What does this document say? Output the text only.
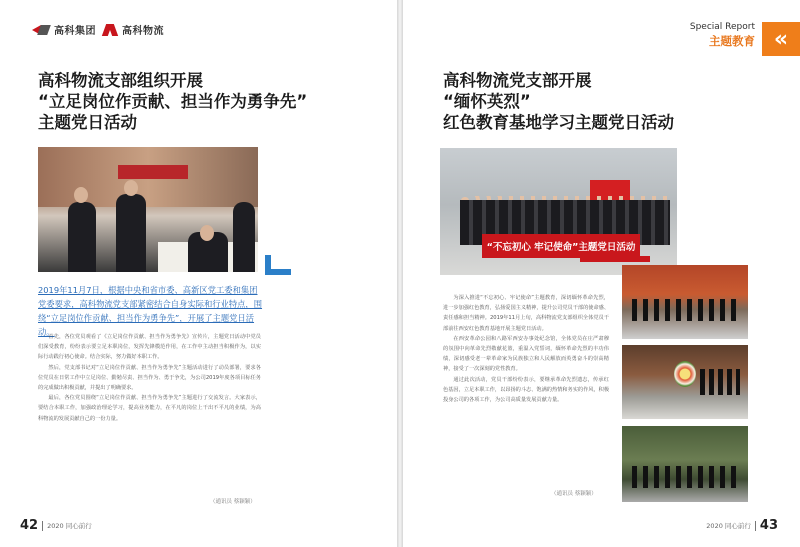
高科集团	高科物流
高科物流支部组织开展
“立足岗位作贡献、担当作为勇争先”
主题党日活动
2019年11月7日，根据中央和省市委、高新区党工委和集团党委要求，高科物流党支部紧密结合自身实际和行业特点，围绕“立足岗位作贡献、担当作为勇争先”，开展了主题党日活动。

首先，各位党员观看了《立足岗位作贡献、担当作为勇争先》宣传片，主题党日活动中党员们深受教育，纷纷表示要立足本职岗位，发挥先锋模范作用，在工作中主动担当积极作为，以实际行动践行初心使命。结合实际，努力做好本职工作。

然后，党支部书记对“立足岗位作贡献、担当作为勇争先”主题活动进行了动员部署，要求各位党员在日常工作中立足岗位、勤勉尽责、担当作为、勇于争先，为公司2019年度各项目标任务的完成做出积极贡献，并提出了明确要求。

最后，各位党员围绕“立足岗位作贡献、担当作为勇争先”主题进行了交流发言。大家表示，要结合本职工作，加强政治理论学习，提高业务能力，在平凡的岗位上干出不平凡的业绩，为高科物流的发展贡献自己的一份力量。

（通讯员 蔡颖颖）
42 2020 同心前行
Special Report
主题教育 «
高科物流党支部开展
“缅怀英烈”
红色教育基地学习主题党日活动
“不忘初心 牢记使命”主题党日活动

为深入推进“不忘初心、牢记使命”主题教育，深切缅怀革命先烈，进一步加强红色教育，弘扬爱国主义精神，提升公司党员干部的使命感、责任感和担当精神。2019年11月上旬，高科物流党支部组织全体党员干部前往西安红色教育基地开展主题党日活动。

在西安革命公园和八路军西安办事处纪念馆，全体党员在庄严肃穆的氛围中向革命先烈敬献花篮，重温入党誓词，缅怀革命先烈的丰功伟绩，深切感受老一辈革命家为民族独立和人民解放而英勇奋斗的崇高精神，接受了一次深刻的党性教育。

通过此次活动，党员干部纷纷表示，要继承革命先烈遗志，传承红色基因，立足本职工作，以昂扬的斗志、饱满的热情和务实的作风，积极投身公司的各项工作，为公司高质量发展贡献力量。

（通讯员 蔡颖颖）
2020 同心前行 43
